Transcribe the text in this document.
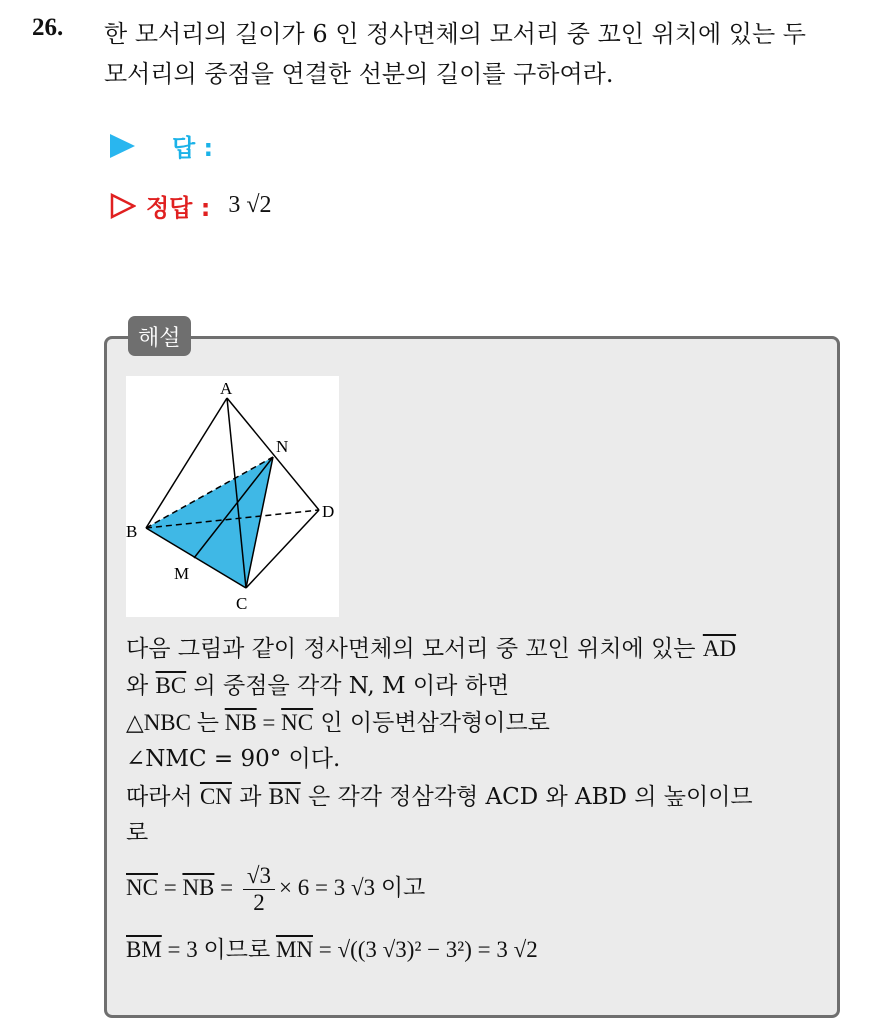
26. 한 모서리의 길이가 6 인 정사면체의 모서리 중 꼬인 위치에 있는 두
모서리의 중점을 연결한 선분의 길이를 구하여라.
답 :
정답 : 3 √2
해설
A
N
B
D
M
C
다음 그림과 같이 정사면체의 모서리 중 꼬인 위치에 있는 $\overline{AD}$
와 $\overline{BC}$ 의 중점을 각각 N, M 이라 하면
△NBC 는 $\overline{NB} = \overline{NC}$ 인 이등변삼각형이므로
∠NMC = 90° 이다.
따라서 $\overline{CN}$ 과 $\overline{BN}$ 은 각각 정삼각형 ACD 와 ABD 의 높이이므
로
$\overline{NC} = \overline{NB} = \frac{√3}{2} \times 6 = 3$ √3 이고
$\overline{BM} = 3$ 이므로 $\overline{MN} = √((3$ √3)² − 3²) = 3 √2
